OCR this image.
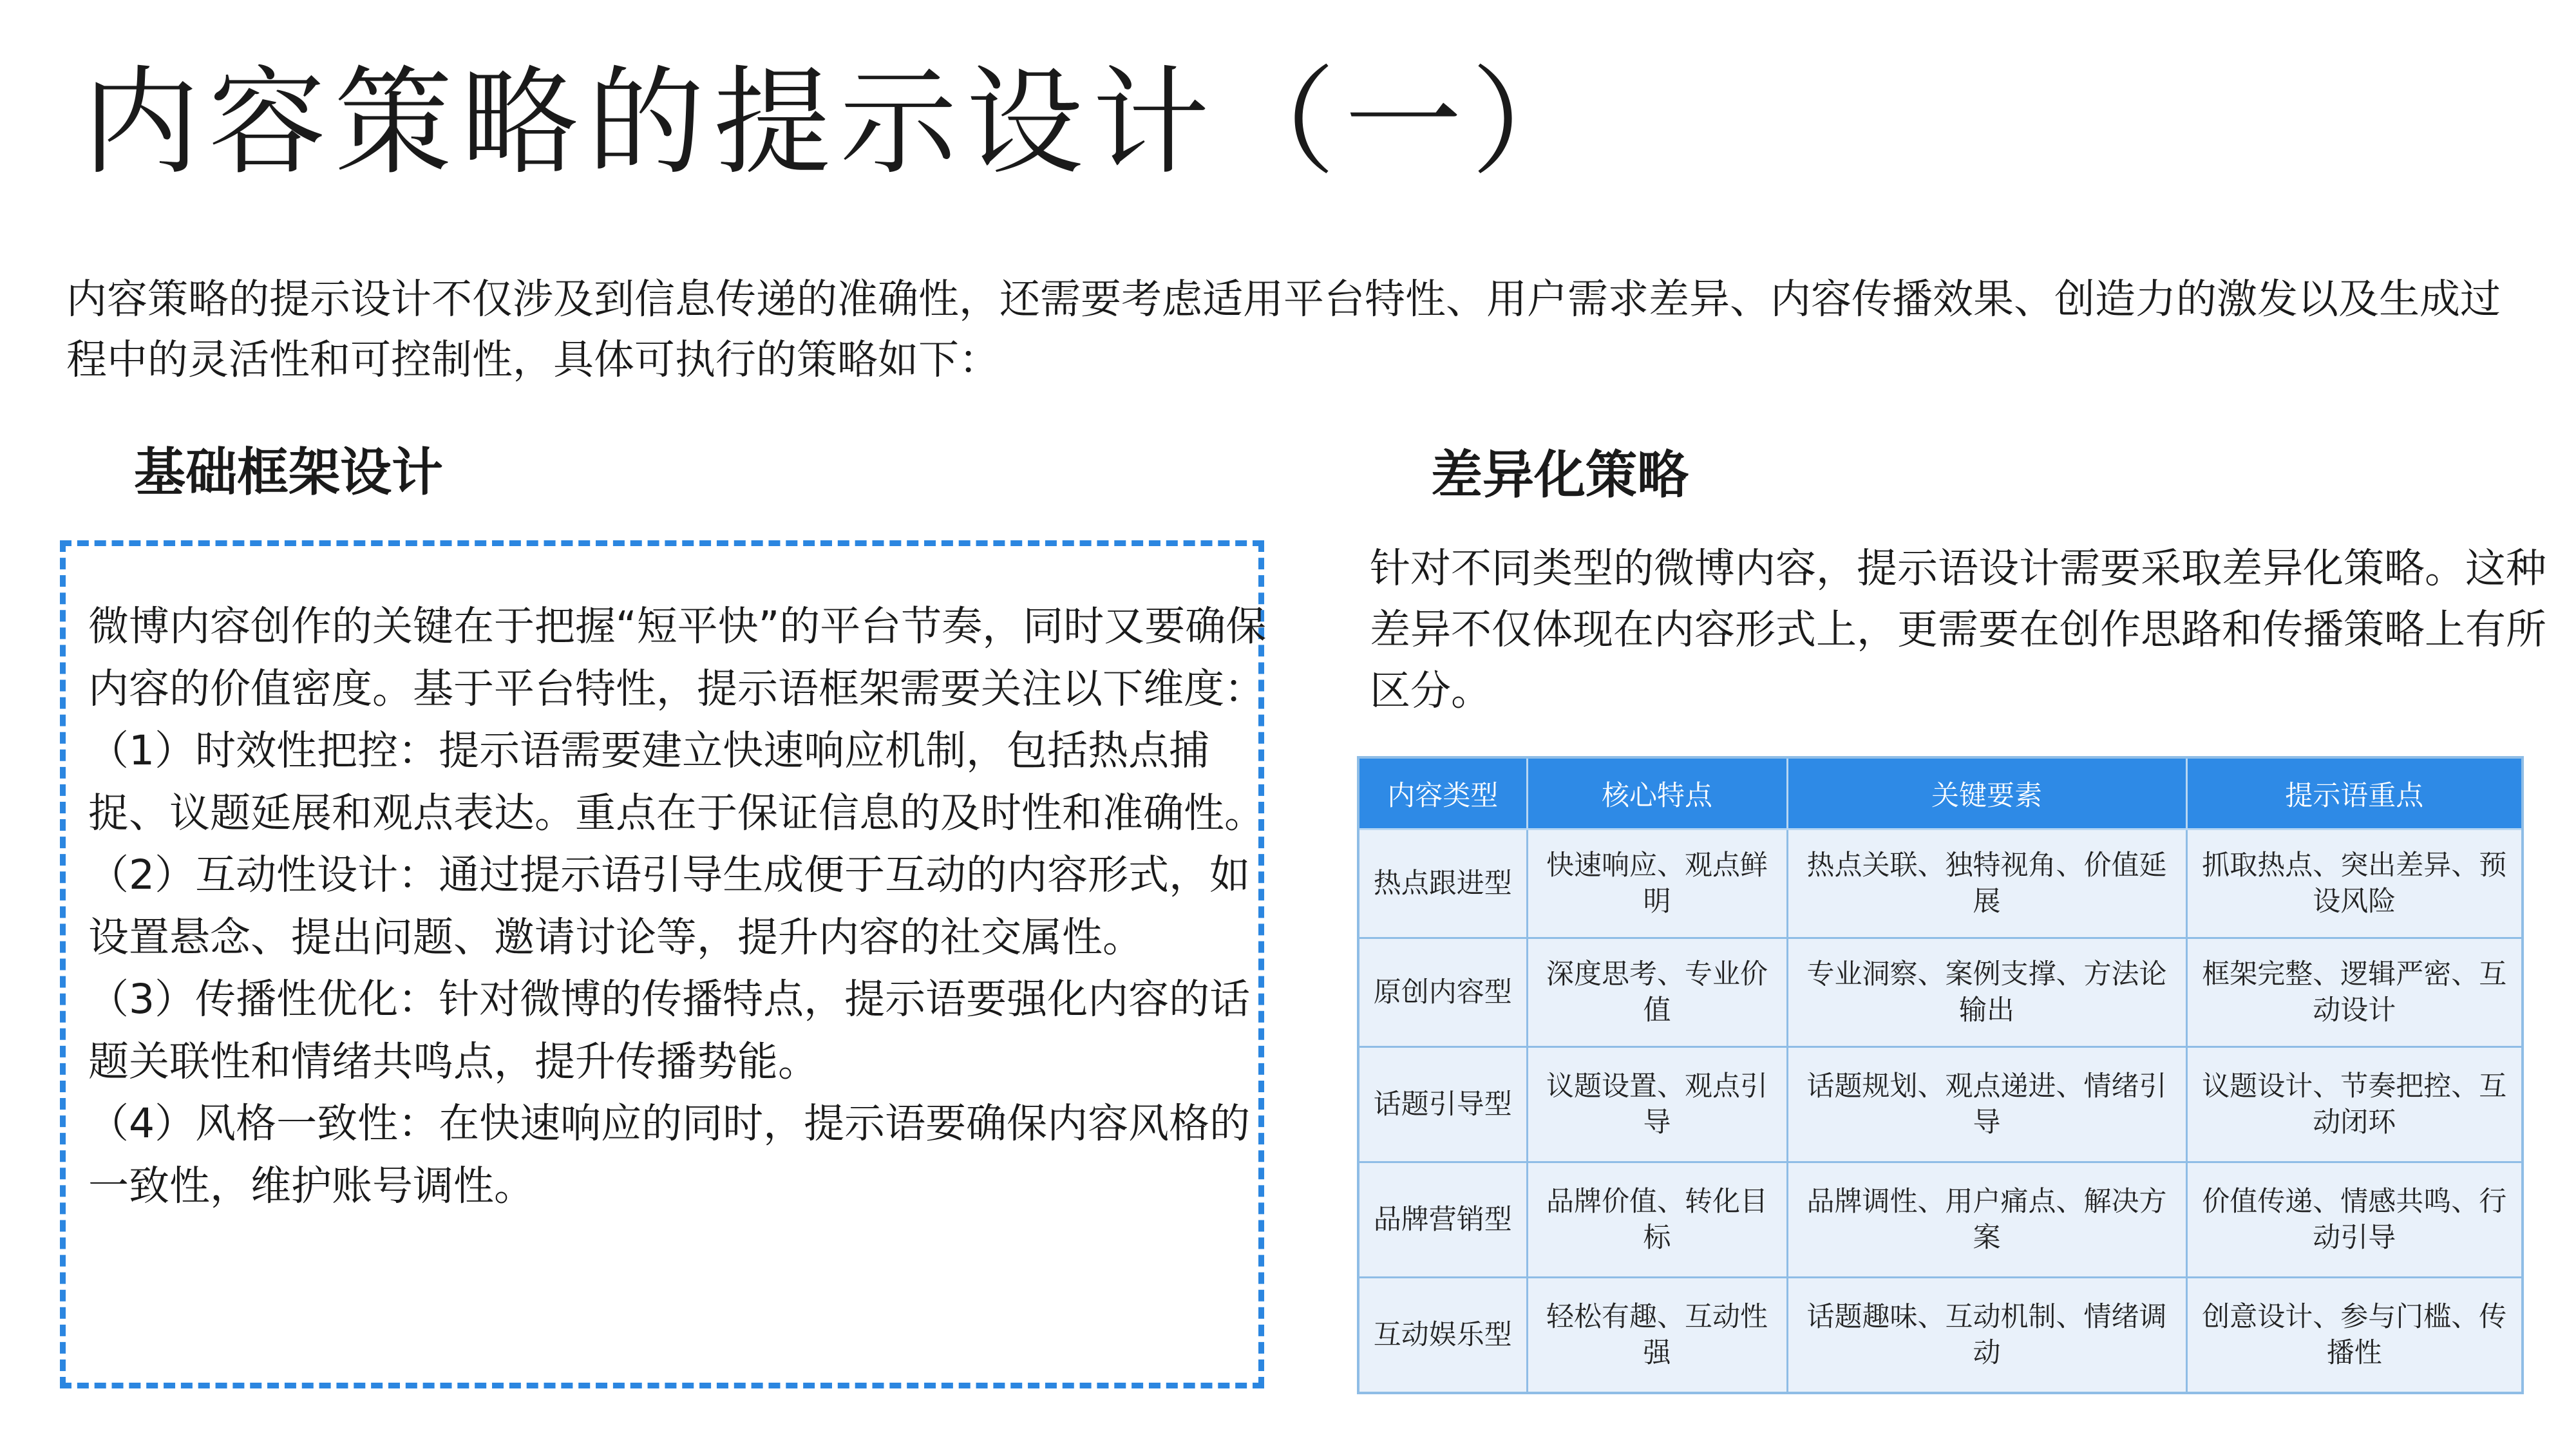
内容策略的提示设计（一）
内容策略的提示设计不仅涉及到信息传递的准确性，还需要考虑适用平台特性、用户需求差异、内容传播效果、创造力的激发以及生成过程中的灵活性和可控制性，具体可执行的策略如下：
基础框架设计

微博内容创作的关键在于把握“短平快”的平台节奏，同时又要确保内容的价值密度。基于平台特性，提示语框架需要关注以下维度：

（1）时效性把控：提示语需要建立快速响应机制，包括热点捕捉、议题延展和观点表达。重点在于保证信息的及时性和准确性。

（2）互动性设计：通过提示语引导生成便于互动的内容形式，如设置悬念、提出问题、邀请讨论等，提升内容的社交属性。

（3）传播性优化：针对微博的传播特点，提示语要强化内容的话题关联性和情绪共鸣点，提升传播势能。

（4）风格一致性：在快速响应的同时，提示语要确保内容风格的一致性，维护账号调性。

差异化策略
针对不同类型的微博内容，提示语设计需要采取差异化策略。这种差异不仅体现在内容形式上，更需要在创作思路和传播策略上有所区分。
内容类型	核心特点	关键要素	提示语重点
热点跟进型	快速响应、观点鲜明	热点关联、独特视角、价值延展	抓取热点、突出差异、预设风险
原创内容型	深度思考、专业价值	专业洞察、案例支撑、方法论输出	框架完整、逻辑严密、互动设计
话题引导型	议题设置、观点引导	话题规划、观点递进、情绪引导	议题设计、节奏把控、互动闭环
品牌营销型	品牌价值、转化目标	品牌调性、用户痛点、解决方案	价值传递、情感共鸣、行动引导
互动娱乐型	轻松有趣、互动性强	话题趣味、互动机制、情绪调动	创意设计、参与门槛、传播性
